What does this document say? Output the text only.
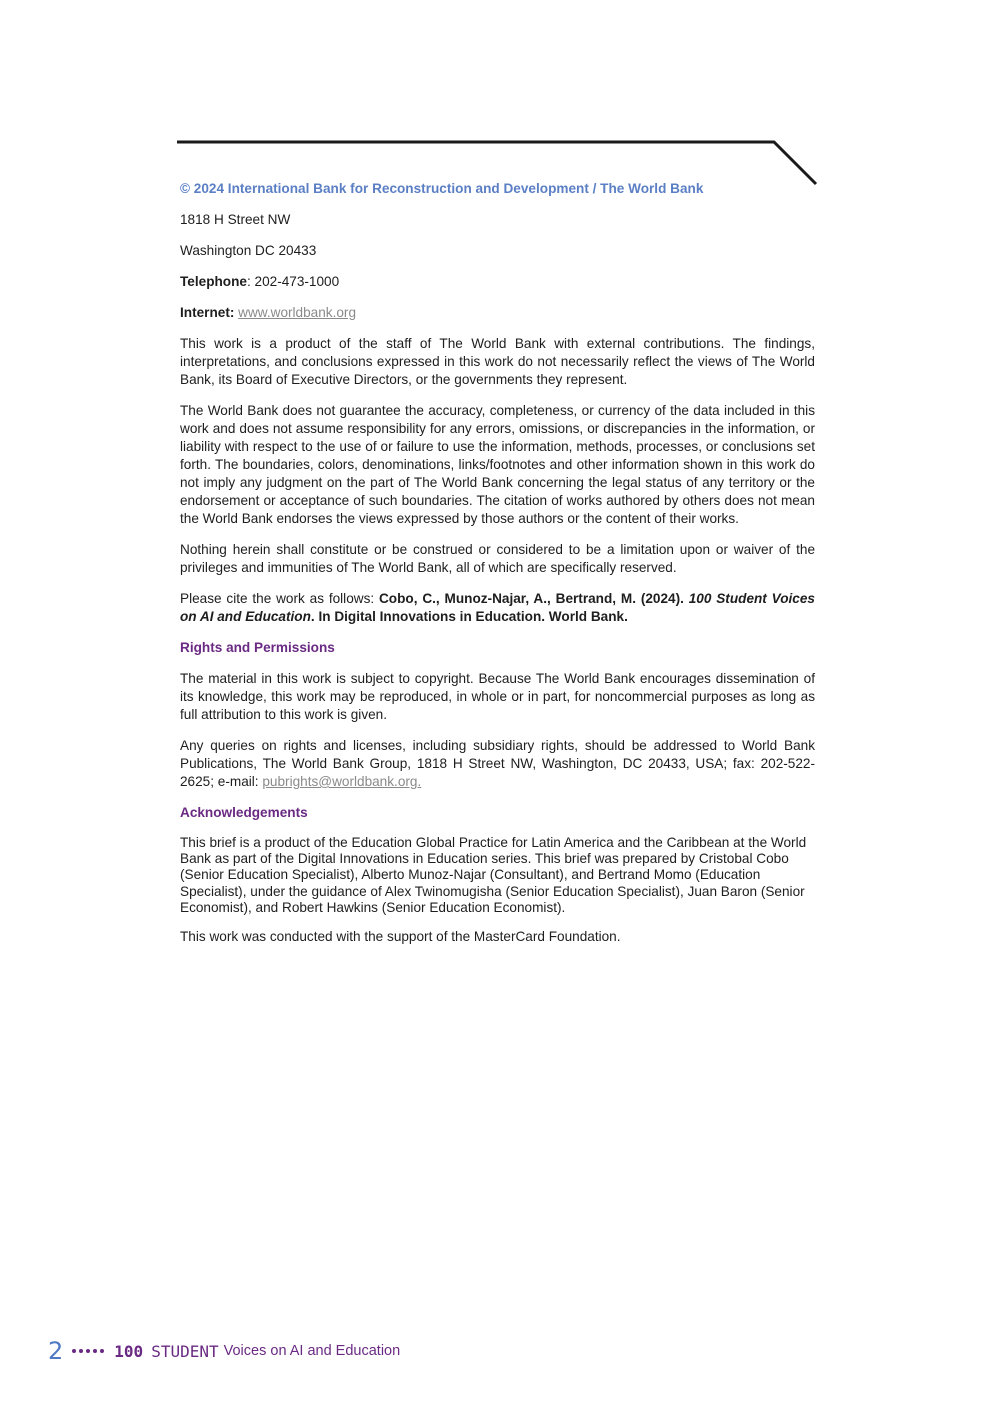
© 2024 International Bank for Reconstruction and Development / The World Bank

1818 H Street NW

Washington DC 20433

Telephone: 202-473-1000

Internet: www.worldbank.org

This work is a product of the staff of The World Bank with external contributions. The findings, interpretations, and conclusions expressed in this work do not necessarily reflect the views of The World Bank, its Board of Executive Directors, or the governments they represent.

The World Bank does not guarantee the accuracy, completeness, or currency of the data included in this work and does not assume responsibility for any errors, omissions, or discrepancies in the information, or liability with respect to the use of or failure to use the information, methods, processes, or conclusions set forth. The boundaries, colors, denominations, links/footnotes and other information shown in this work do not imply any judgment on the part of The World Bank concerning the legal status of any territory or the endorsement or acceptance of such boundaries. The citation of works authored by others does not mean the World Bank endorses the views expressed by those authors or the content of their works.

Nothing herein shall constitute or be construed or considered to be a limitation upon or waiver of the privileges and immunities of The World Bank, all of which are specifically reserved.

Please cite the work as follows: Cobo, C., Munoz-Najar, A., Bertrand, M. (2024). 100 Student Voices on AI and Education. In Digital Innovations in Education. World Bank.

Rights and Permissions

The material in this work is subject to copyright. Because The World Bank encourages dissemination of its knowledge, this work may be reproduced, in whole or in part, for noncommercial purposes as long as full attribution to this work is given.

Any queries on rights and licenses, including subsidiary rights, should be addressed to World Bank Publications, The World Bank Group, 1818 H Street NW, Washington, DC 20433, USA; fax: 202-522-2625; e-mail: pubrights@worldbank.org.

Acknowledgements

This brief is a product of the Education Global Practice for Latin America and the Caribbean at the World Bank as part of the Digital Innovations in Education series. This brief was prepared by Cristobal Cobo (Senior Education Specialist), Alberto Munoz-Najar (Consultant), and Bertrand Momo (Education Specialist), under the guidance of Alex Twinomugisha (Senior Education Specialist), Juan Baron (Senior Economist), and Robert Hawkins (Senior Education Economist).

This work was conducted with the support of the MasterCard Foundation.

2	100 STUDENT Voices on AI and Education
